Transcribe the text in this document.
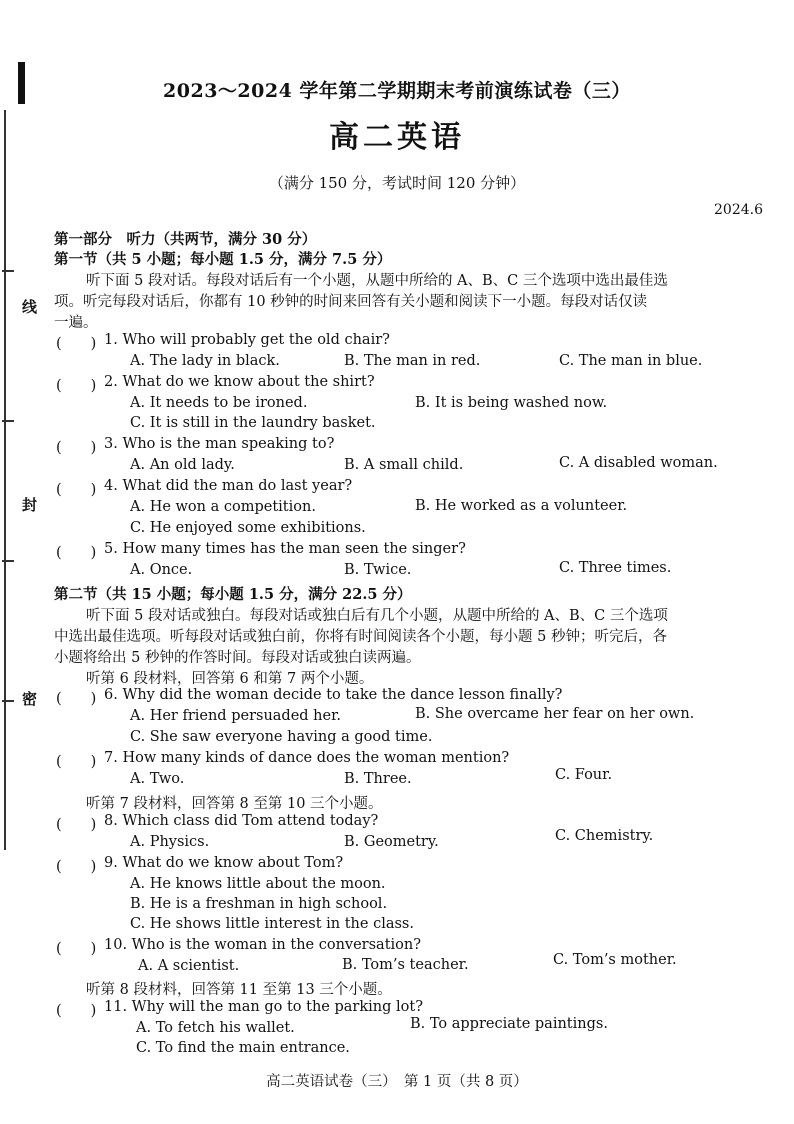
线
封
密
2023～2024 学年第二学期期末考前演练试卷（三）
高二英语
（满分 150 分，考试时间 120 分钟）
2024.6
第一部分　听力（共两节，满分 30 分）
第一节（共 5 小题；每小题 1.5 分，满分 7.5 分）
听下面 5 段对话。每段对话后有一个小题，从题中所给的 A、B、C 三个选项中选出最佳选
项。听完每段对话后，你都有 10 秒钟的时间来回答有关小题和阅读下一小题。每段对话仅读
一遍。
(　　) 1. Who will probably get the old chair?
A. The lady in black.	B. The man in red.	C. The man in blue.
(　　) 2. What do we know about the shirt?
A. It needs to be ironed.	B. It is being washed now.
C. It is still in the laundry basket.
(　　) 3. Who is the man speaking to?
A. An old lady.	B. A small child.	C. A disabled woman.
(　　) 4. What did the man do last year?
A. He won a competition.	B. He worked as a volunteer.
C. He enjoyed some exhibitions.
(　　) 5. How many times has the man seen the singer?
A. Once.	B. Twice.	C. Three times.
第二节（共 15 小题；每小题 1.5 分，满分 22.5 分）
听下面 5 段对话或独白。每段对话或独白后有几个小题，从题中所给的 A、B、C 三个选项
中选出最佳选项。听每段对话或独白前，你将有时间阅读各个小题，每小题 5 秒钟；听完后，各
小题将给出 5 秒钟的作答时间。每段对话或独白读两遍。
听第 6 段材料，回答第 6 和第 7 两个小题。
(　　) 6. Why did the woman decide to take the dance lesson finally?
A. Her friend persuaded her.	B. She overcame her fear on her own.
C. She saw everyone having a good time.
(　　) 7. How many kinds of dance does the woman mention?
A. Two.	B. Three.	C. Four.
听第 7 段材料，回答第 8 至第 10 三个小题。
(　　) 8. Which class did Tom attend today?
A. Physics.	B. Geometry.	C. Chemistry.
(　　) 9. What do we know about Tom?
A. He knows little about the moon.
B. He is a freshman in high school.
C. He shows little interest in the class.
(　　) 10. Who is the woman in the conversation?
A. A scientist.	B. Tom’s teacher.	C. Tom’s mother.
听第 8 段材料，回答第 11 至第 13 三个小题。
(　　) 11. Why will the man go to the parking lot?
A. To fetch his wallet.	B. To appreciate paintings.
C. To find the main entrance.
高二英语试卷（三）　第 1 页（共 8 页）
